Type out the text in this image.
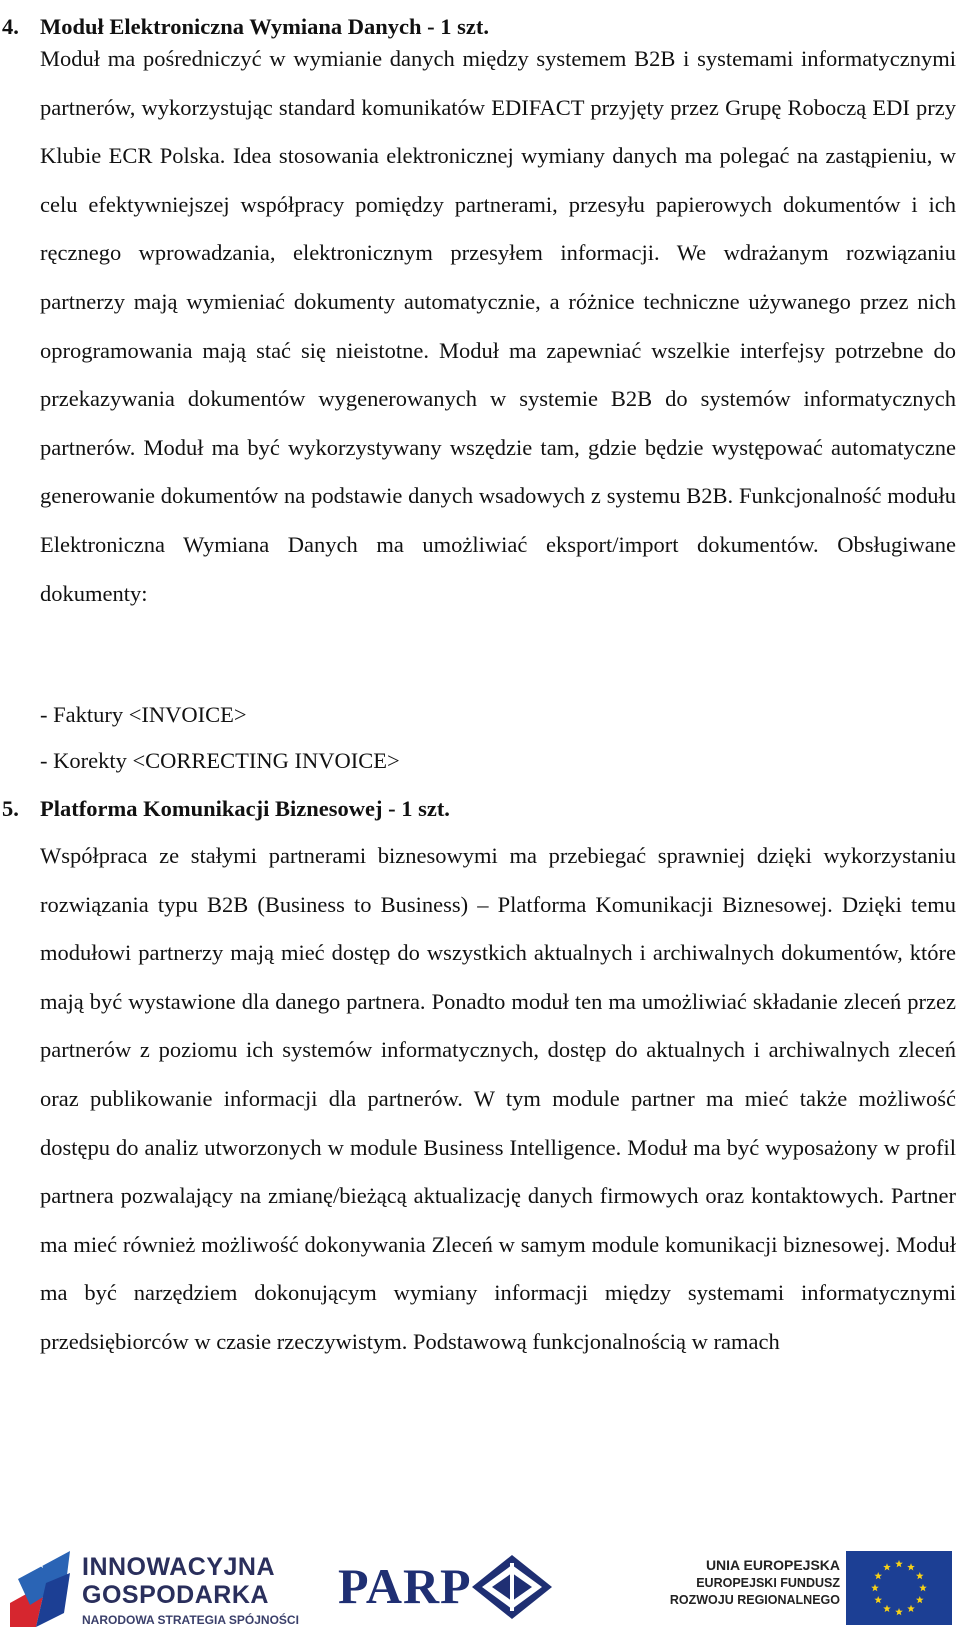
4. Moduł Elektroniczna Wymiana Danych - 1 szt.

Moduł ma pośredniczyć w wymianie danych między systemem B2B i systemami informatycznymi partnerów, wykorzystując standard komunikatów EDIFACT przyjęty przez Grupę Roboczą EDI przy Klubie ECR Polska. Idea stosowania elektronicznej wymiany danych ma polegać na zastąpieniu, w celu efektywniejszej współpracy pomiędzy partnerami, przesyłu papierowych dokumentów i ich ręcznego wprowadzania, elektronicznym przesyłem informacji. We wdrażanym rozwiązaniu partnerzy mają wymieniać dokumenty automatycznie, a różnice techniczne używanego przez nich oprogramowania mają stać się nieistotne. Moduł ma zapewniać wszelkie interfejsy potrzebne do przekazywania dokumentów wygenerowanych w systemie B2B do systemów informatycznych partnerów. Moduł ma być wykorzystywany wszędzie tam, gdzie będzie występować automatyczne generowanie dokumentów na podstawie danych wsadowych z systemu B2B. Funkcjonalność modułu Elektroniczna Wymiana Danych ma umożliwiać eksport/import dokumentów. Obsługiwane dokumenty:

- Faktury <INVOICE>

- Korekty <CORRECTING INVOICE>

5. Platforma Komunikacji Biznesowej - 1 szt.

Współpraca ze stałymi partnerami biznesowymi ma przebiegać sprawniej dzięki wykorzystaniu rozwiązania typu B2B (Business to Business) – Platforma Komunikacji Biznesowej. Dzięki temu modułowi partnerzy mają mieć dostęp do wszystkich aktualnych i archiwalnych dokumentów, które mają być wystawione dla danego partnera. Ponadto moduł ten ma umożliwiać składanie zleceń przez partnerów z poziomu ich systemów informatycznych, dostęp do aktualnych i archiwalnych zleceń oraz publikowanie informacji dla partnerów. W tym module partner ma mieć także możliwość dostępu do analiz utworzonych w module Business Intelligence. Moduł ma być wyposażony w profil partnera pozwalający na zmianę/bieżącą aktualizację danych firmowych oraz kontaktowych. Partner ma mieć również możliwość dokonywania Zleceń w samym module komunikacji biznesowej. Moduł ma być narzędziem dokonującym wymiany informacji między systemami informatycznymi przedsiębiorców w czasie rzeczywistym. Podstawową funkcjonalnością w ramach

INNOWACYJNA
GOSPODARKA
NARODOWA STRATEGIA SPÓJNOŚCI
PARP	UNIA EUROPEJSKA
EUROPEJSKI FUNDUSZ
ROZWOJU REGIONALNEGO
